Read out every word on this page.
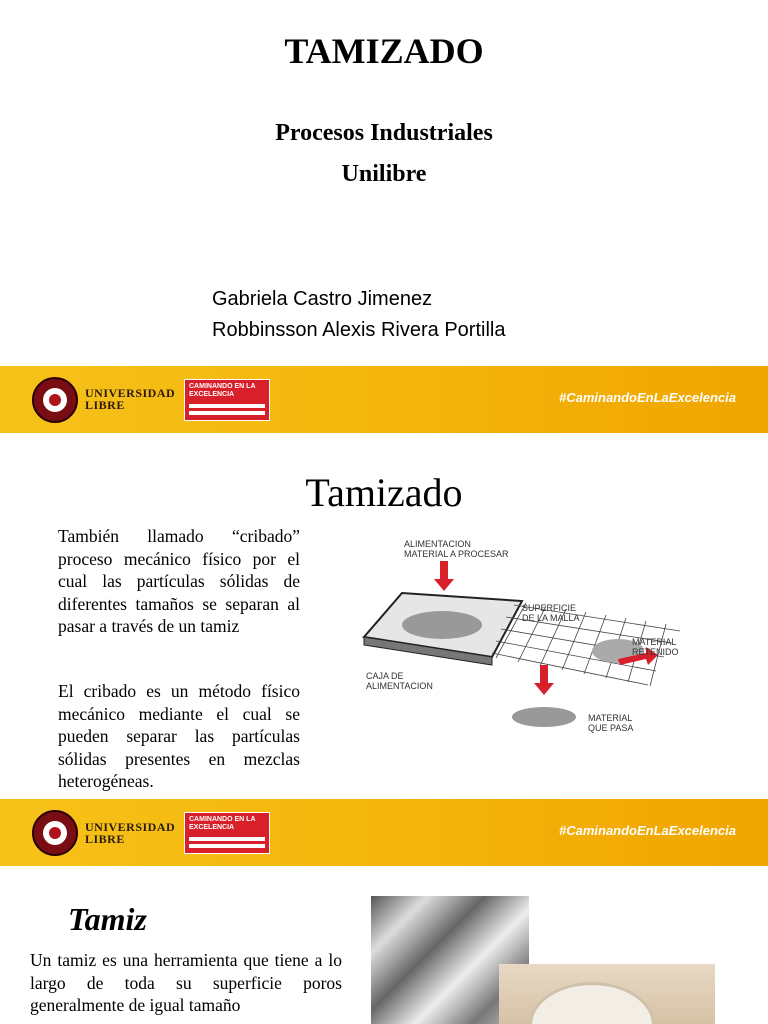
TAMIZADO
Procesos Industriales
Unilibre
Gabriela Castro Jimenez
Robbinsson Alexis Rivera Portilla
UNIVERSIDAD
LIBRE
CAMINANDO EN LA
EXCELENCIA	#CaminandoEnLaExcelencia
Tamizado
También llamado “cribado” proceso mecánico físico por el cual las partículas sólidas de diferentes tamaños se separan al pasar a través de un tamiz
El cribado es un método físico mecánico mediante el cual se pueden separar las partículas sólidas presentes en mezclas heterogéneas.
ALIMENTACION
MATERIAL A PROCESAR
SUPERFICIE
DE LA MALLA
MATERIAL
RETENIDO
CAJA DE
ALIMENTACION
MATERIAL
QUE PASA
UNIVERSIDAD
LIBRE
CAMINANDO EN LA
EXCELENCIA	#CaminandoEnLaExcelencia
Tamiz
Un tamiz es una herramienta que tiene a lo largo de toda su superficie poros generalmente de igual tamaño
